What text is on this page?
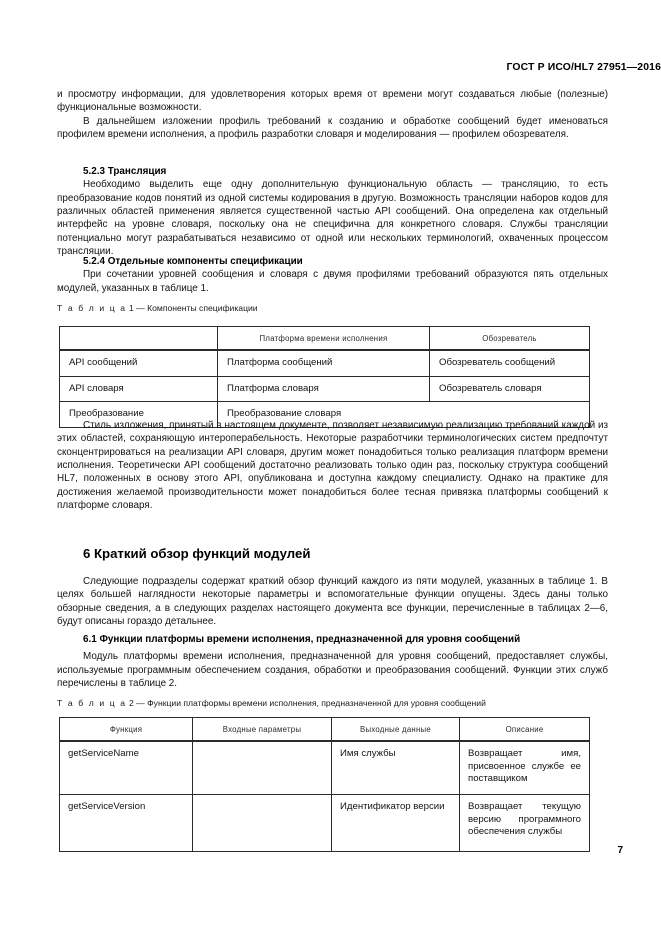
ГОСТ Р ИСО/HL7 27951—2016

и просмотру информации, для удовлетворения которых время от времени могут создаваться любые (полезные) функциональные возможности.

В дальнейшем изложении профиль требований к созданию и обработке сообщений будет именоваться профилем времени исполнения, а профиль разработки словаря и моделирования — профилем обозревателя.

5.2.3 Трансляция

Необходимо выделить еще одну дополнительную функциональную область — трансляцию, то есть преобразование кодов понятий из одной системы кодирования в другую. Возможность трансляции наборов кодов для различных областей применения является существенной частью API сообщений. Она определена как отдельный интерфейс на уровне словаря, поскольку она не специфична для конкретного словаря. Службы трансляции потенциально могут разрабатываться независимо от одной или нескольких терминологий, охваченных процессом трансляции.

5.2.4 Отдельные компоненты спецификации

При сочетании уровней сообщения и словаря с двумя профилями требований образуются пять отдельных модулей, указанных в таблице 1.

Т а б л и ц а 1 — Компоненты спецификации

	Платформа времени исполнения	Обозреватель

API сообщений	Платформа сообщений	Обозреватель сообщений

API словаря	Платформа словаря	Обозреватель словаря

Преобразование	Преобразование словаря	

Стиль изложения, принятый в настоящем документе, позволяет независимую реализацию требований каждой из этих областей, сохраняющую интероперабельность. Некоторые разработчики терминологических систем предпочтут сконцентрироваться на реализации API словаря, другим может понадобиться только реализация платформ времени исполнения. Теоретически API сообщений достаточно реализовать только один раз, поскольку структура сообщений HL7, положенных в основу этого API, опубликована и доступна каждому специалисту. Однако на практике для достижения желаемой производительности может понадобиться более тесная привязка платформы сообщений к платформе словаря.

6 Краткий обзор функций модулей

Следующие подразделы содержат краткий обзор функций каждого из пяти модулей, указанных в таблице 1. В целях большей наглядности некоторые параметры и вспомогательные функции опущены. Здесь даны только обзорные сведения, а в следующих разделах настоящего документа все функции, перечисленные в таблицах 2—6, будут описаны гораздо детальнее.

6.1 Функции платформы времени исполнения, предназначенной для уровня сообщений

Модуль платформы времени исполнения, предназначенной для уровня сообщений, предоставляет службы, используемые программным обеспечением создания, обработки и преобразования сообщений. Функции этих служб перечислены в таблице 2.

Т а б л и ц а 2 — Функции платформы времени исполнения, предназначенной для уровня сообщений
Функция	Входные параметры	Выходные данные	Описание

getServiceName		Имя службы	Возвращает имя, присвоенное службе ее поставщиком

getServiceVersion		Идентификатор версии	Возвращает текущую версию программного обеспечения службы
7
